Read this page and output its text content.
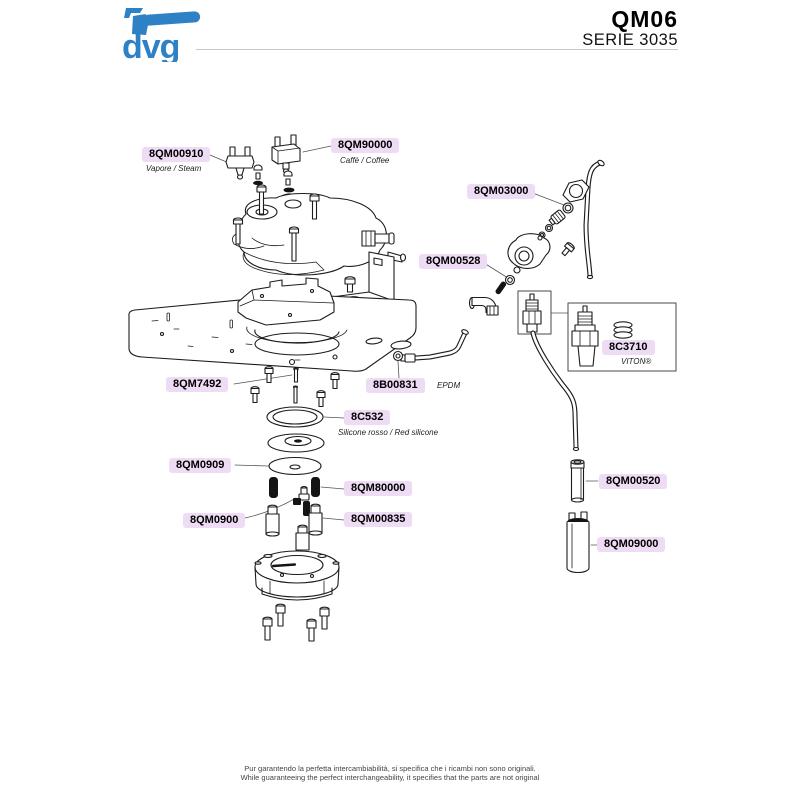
dvg
QM06
SERIE 3035
8QM00910
Vapore / Steam
8QM90000
Caffè / Coffee
8QM03000
8QM00528
8C3710
VITON®
8QM7492	8B00831	EPDM
8C532
Silicone rosso / Red silicone
8QM0909
8QM80000
8QM0900	8QM00835
8QM00520
8QM09000
Pur garantendo la perfetta intercambiabilità, si specifica che i ricambi non sono originali.
While guaranteeing the perfect interchangeability, it specifies that the parts are not original
